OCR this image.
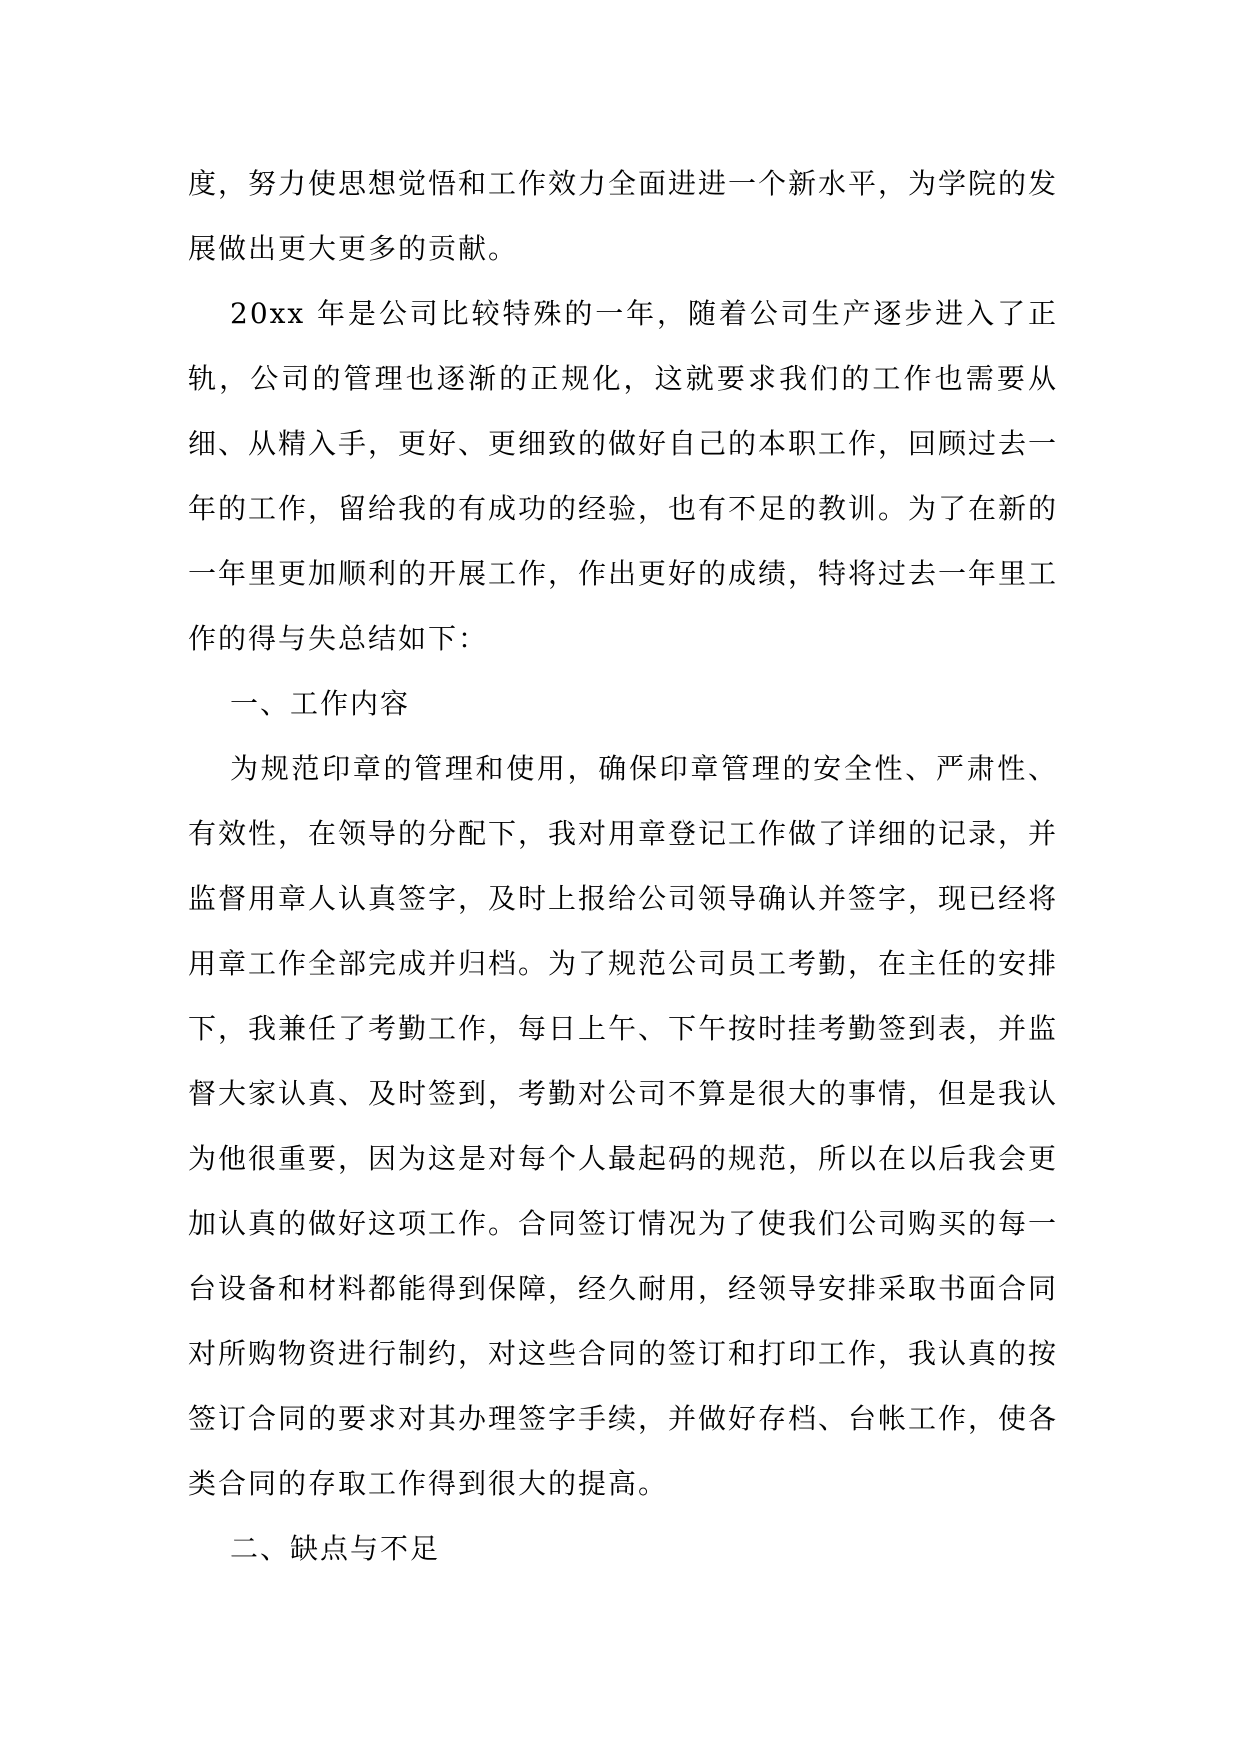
度，努力使思想觉悟和工作效力全面进进一个新水平，为学院的发展做出更大更多的贡献。

20xx 年是公司比较特殊的一年，随着公司生产逐步进入了正轨，公司的管理也逐渐的正规化，这就要求我们的工作也需要从细、从精入手，更好、更细致的做好自己的本职工作，回顾过去一年的工作，留给我的有成功的经验，也有不足的教训。为了在新的一年里更加顺利的开展工作，作出更好的成绩，特将过去一年里工作的得与失总结如下：

一、工作内容

为规范印章的管理和使用，确保印章管理的安全性、严肃性、有效性，在领导的分配下，我对用章登记工作做了详细的记录，并监督用章人认真签字，及时上报给公司领导确认并签字，现已经将用章工作全部完成并归档。为了规范公司员工考勤，在主任的安排下，我兼任了考勤工作，每日上午、下午按时挂考勤签到表，并监督大家认真、及时签到，考勤对公司不算是很大的事情，但是我认为他很重要，因为这是对每个人最起码的规范，所以在以后我会更加认真的做好这项工作。合同签订情况为了使我们公司购买的每一台设备和材料都能得到保障，经久耐用，经领导安排采取书面合同对所购物资进行制约，对这些合同的签订和打印工作，我认真的按签订合同的要求对其办理签字手续，并做好存档、台帐工作，使各类合同的存取工作得到很大的提高。

二、缺点与不足
